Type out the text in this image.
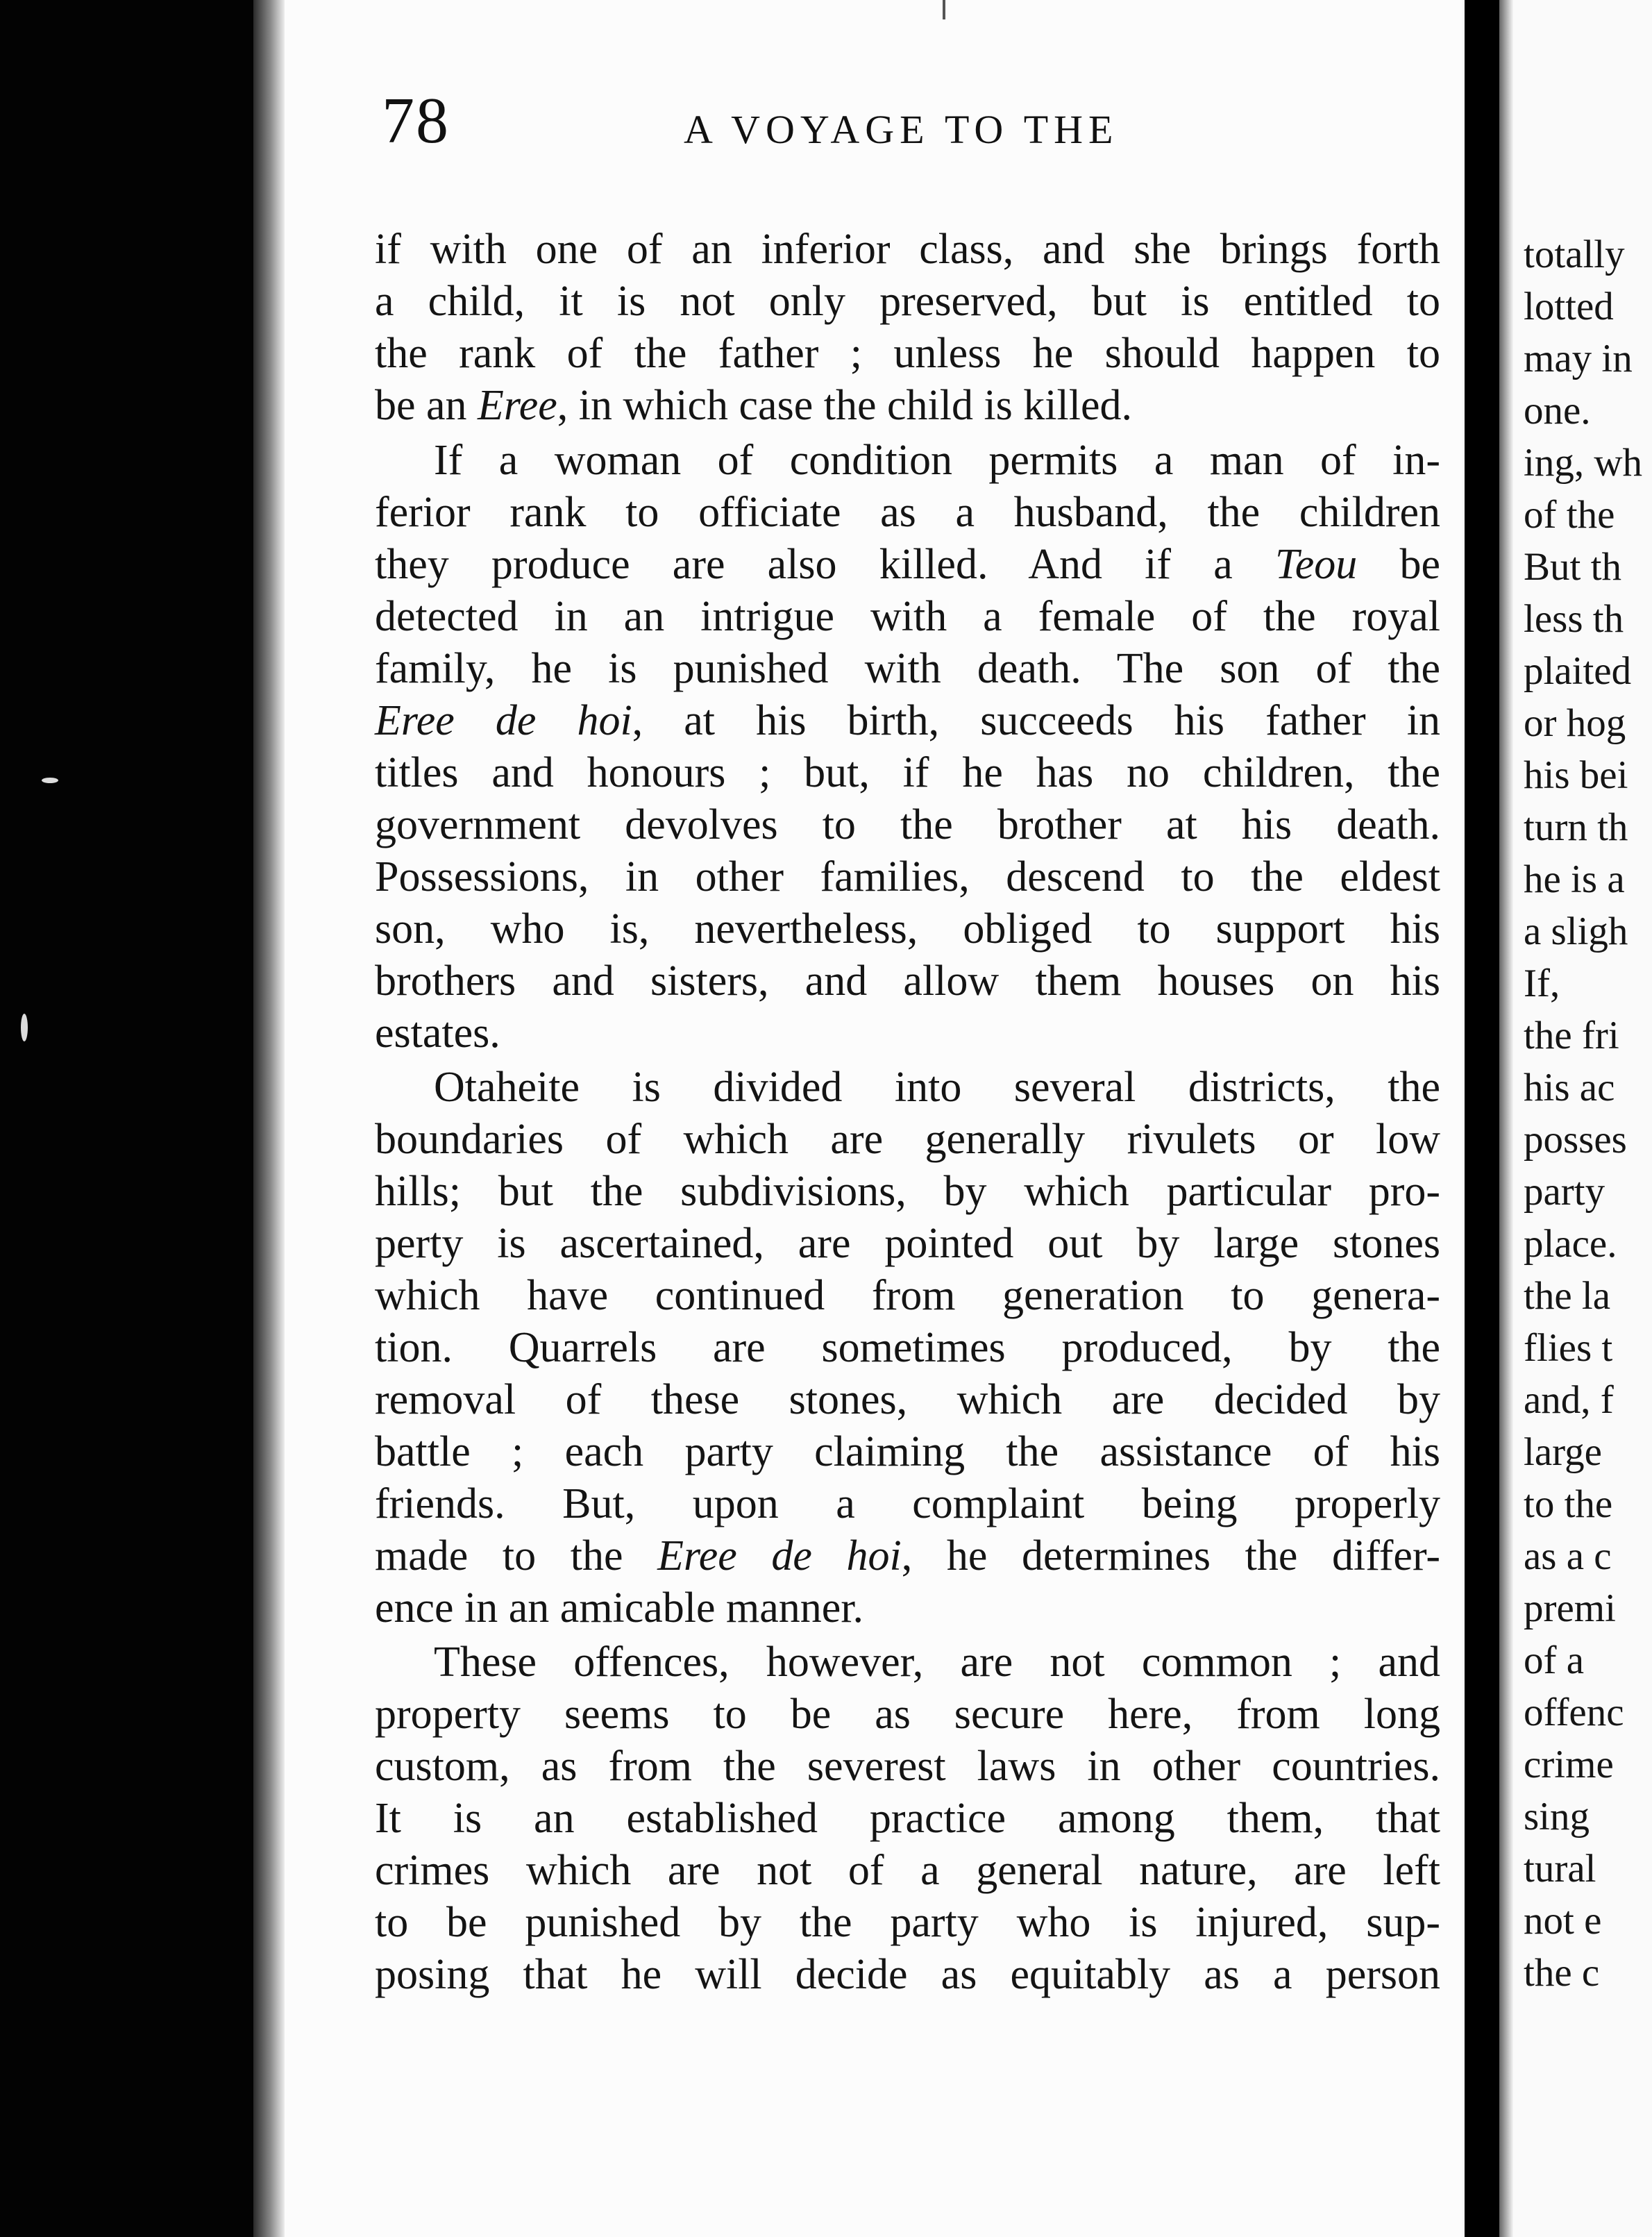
78	A VOYAGE TO THE
if with one of an inferior class, and she brings forth
a child, it is not only preserved, but is entitled to
the rank of the father ; unless he should happen to
be an Eree, in which case the child is killed.
If a woman of condition permits a man of in-
ferior rank to officiate as a husband, the children
they produce are also killed. And if a Teou be
detected in an intrigue with a female of the royal
family, he is punished with death. The son of the
Eree de hoi, at his birth, succeeds his father in
titles and honours ; but, if he has no children, the
government devolves to the brother at his death.
Possessions, in other families, descend to the eldest
son, who is, nevertheless, obliged to support his
brothers and sisters, and allow them houses on his
estates.
Otaheite is divided into several districts, the
boundaries of which are generally rivulets or low
hills; but the subdivisions, by which particular pro-
perty is ascertained, are pointed out by large stones
which have continued from generation to genera-
tion. Quarrels are sometimes produced, by the
removal of these stones, which are decided by
battle ; each party claiming the assistance of his
friends. But, upon a complaint being properly
made to the Eree de hoi, he determines the differ-
ence in an amicable manner.
These offences, however, are not common ; and
property seems to be as secure here, from long
custom, as from the severest laws in other countries.
It is an established practice among them, that
crimes which are not of a general nature, are left
to be punished by the party who is injured, sup-
posing that he will decide as equitably as a person
totally
lotted
may in
one.
ing, wh
of the
But th
less th
plaited
or hog
his bei
turn th
he is a
a sligh
If,
the fri
his ac
posses
party
place.
the la
flies t
and, f
large
to the
as a c
premi
of a
offenc
crime
sing
tural
not e
the c
